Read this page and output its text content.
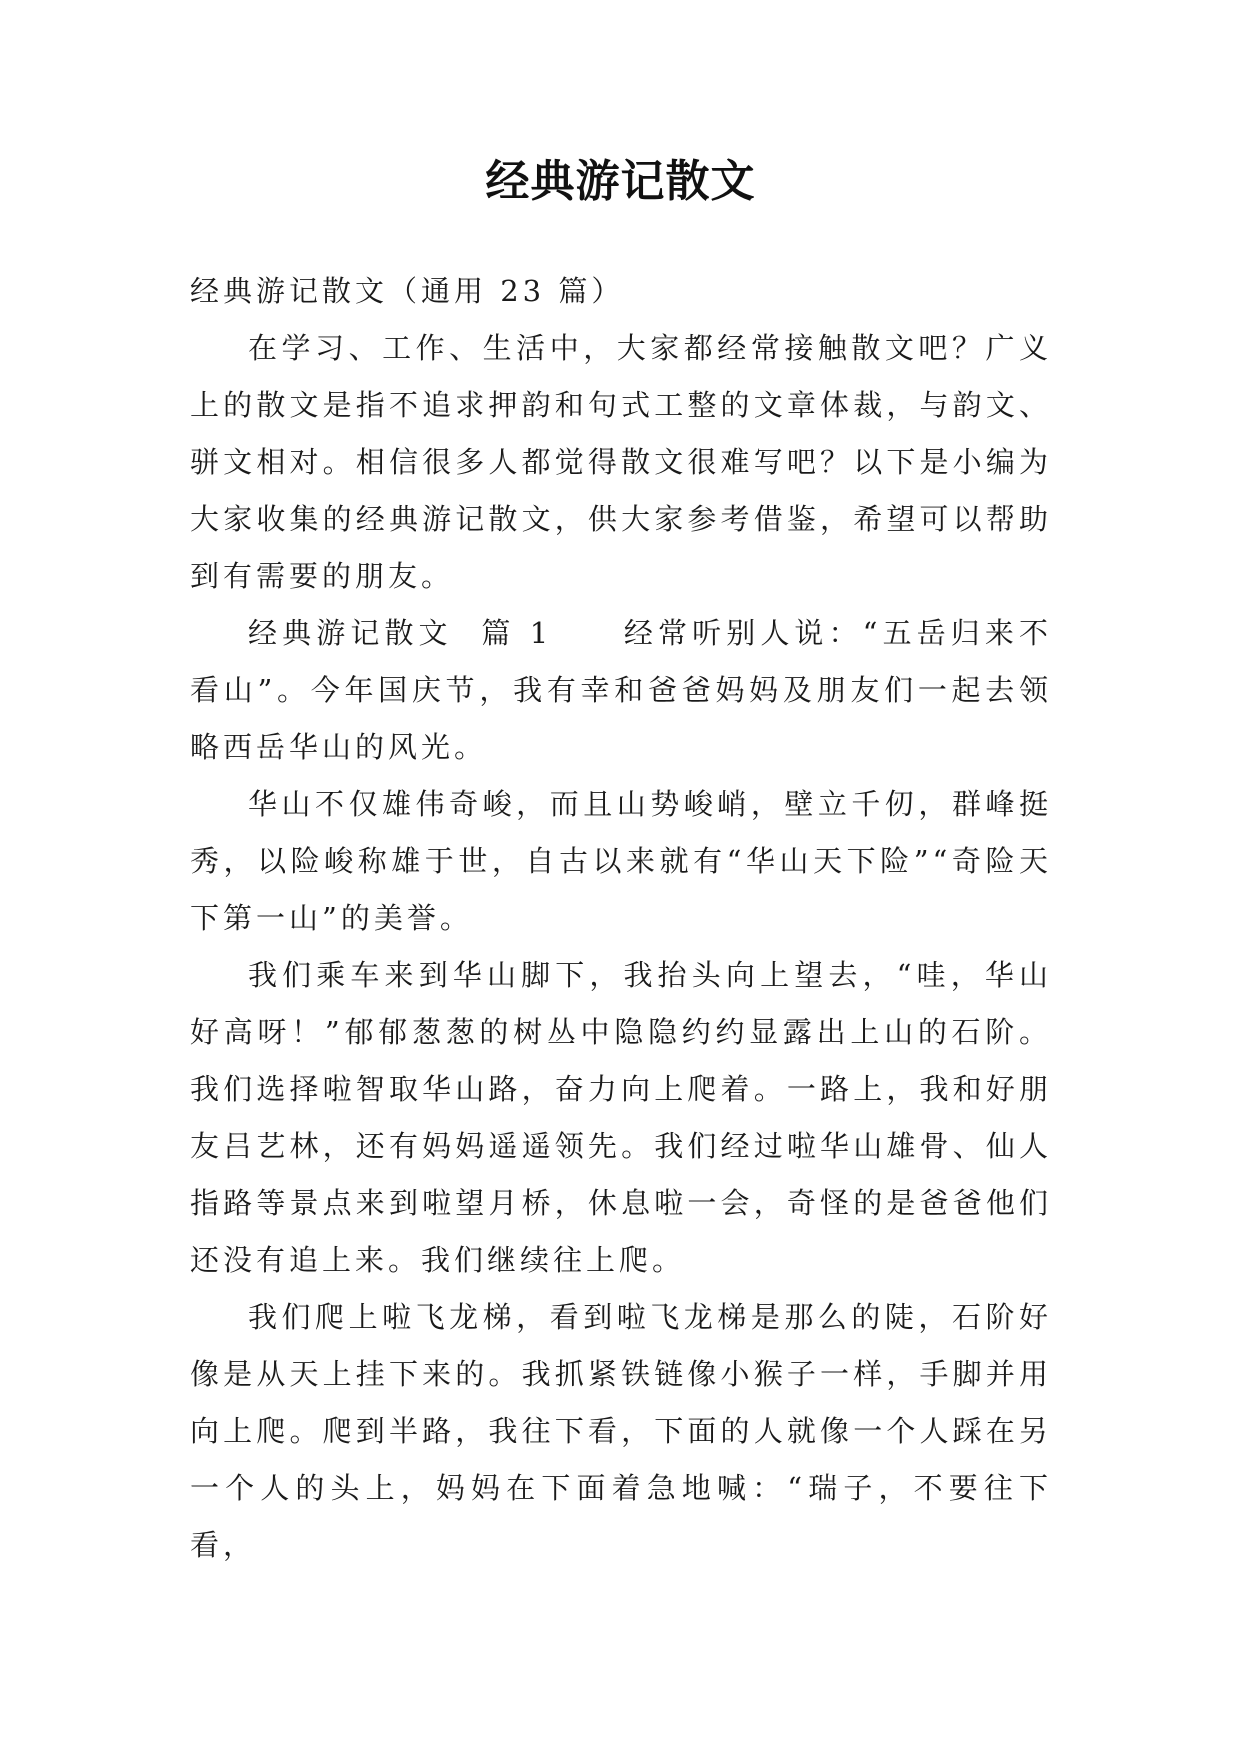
经典游记散文

经典游记散文（通用 23 篇）

在学习、工作、生活中，大家都经常接触散文吧？广义上的散文是指不追求押韵和句式工整的文章体裁，与韵文、骈文相对。相信很多人都觉得散文很难写吧？以下是小编为大家收集的经典游记散文，供大家参考借鉴，希望可以帮助到有需要的朋友。

经典游记散文  篇 1 经常听别人说：“五岳归来不看山”。今年国庆节，我有幸和爸爸妈妈及朋友们一起去领略西岳华山的风光。

华山不仅雄伟奇峻，而且山势峻峭，壁立千仞，群峰挺秀，以险峻称雄于世，自古以来就有“华山天下险”“奇险天下第一山”的美誉。

我们乘车来到华山脚下，我抬头向上望去，“哇，华山好高呀！”郁郁葱葱的树丛中隐隐约约显露出上山的石阶。我们选择啦智取华山路，奋力向上爬着。一路上，我和好朋友吕艺林，还有妈妈遥遥领先。我们经过啦华山雄骨、仙人指路等景点来到啦望月桥，休息啦一会，奇怪的是爸爸他们还没有追上来。我们继续往上爬。

我们爬上啦飞龙梯，看到啦飞龙梯是那么的陡，石阶好像是从天上挂下来的。我抓紧铁链像小猴子一样，手脚并用向上爬。爬到半路，我往下看，下面的人就像一个人踩在另一个人的头上，妈妈在下面着急地喊：“瑞子，不要往下看，
